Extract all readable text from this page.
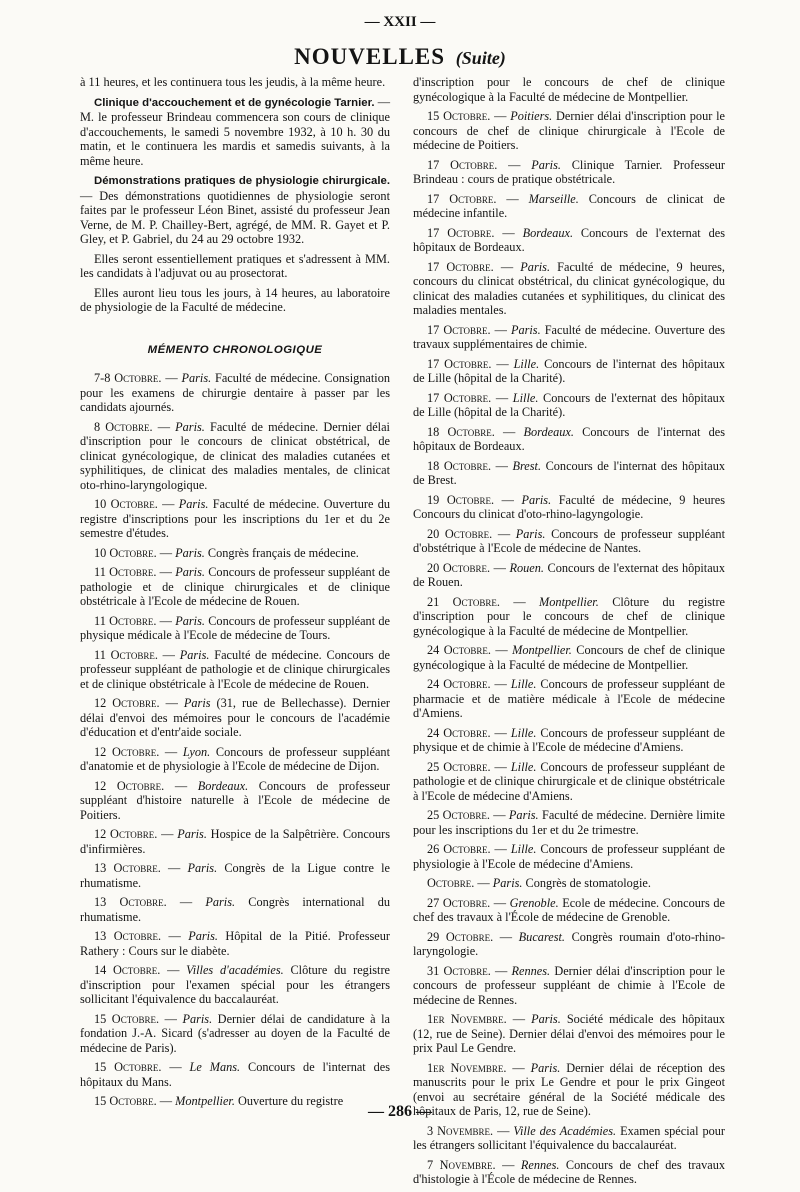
— XXII —
NOUVELLES (Suite)
à 11 heures, et les continuera tous les jeudis, à la même heure.
Clinique d'accouchement et de gynécologie Tarnier. — M. le professeur Brindeau commencera son cours de clinique d'accouchements, le samedi 5 novembre 1932, à 10 h. 30 du matin, et le continuera les mardis et samedis suivants, à la même heure.
Démonstrations pratiques de physiologie chirurgicale. — Des démonstrations quotidiennes de physiologie seront faites par le professeur Léon Binet, assisté du professeur Jean Verne, de M. P. Chailley-Bert, agrégé, de MM. R. Gayet et P. Gley, et P. Gabriel, du 24 au 29 octobre 1932.
Elles seront essentiellement pratiques et s'adressent à MM. les candidats à l'adjuvat ou au prosectorat.
Elles auront lieu tous les jours, à 14 heures, au laboratoire de physiologie de la Faculté de médecine.
MÉMENTO CHRONOLOGIQUE
7-8 Octobre. — Paris. Faculté de médecine. Consignation pour les examens de chirurgie dentaire à passer par les candidats ajournés.
8 Octobre. — Paris. Faculté de médecine. Dernier délai d'inscription pour le concours de clinicat obstétrical, de clinicat gynécologique, de clinicat des maladies cutanées et syphilitiques, de clinicat des maladies mentales, de clinicat oto-rhino-laryngologique.
10 Octobre. — Paris. Faculté de médecine. Ouverture du registre d'inscriptions pour les inscriptions du 1er et du 2e semestre d'études.
10 Octobre. — Paris. Congrès français de médecine.
11 Octobre. — Paris. Concours de professeur suppléant de pathologie et de clinique chirurgicales et de clinique obstétricale à l'Ecole de médecine de Rouen.
11 Octobre. — Paris. Concours de professeur suppléant de physique médicale à l'Ecole de médecine de Tours.
11 Octobre. — Paris. Faculté de médecine. Concours de professeur suppléant de pathologie et de clinique chirurgicales et de clinique obstétricale à l'Ecole de médecine de Rouen.
12 Octobre. — Paris (31, rue de Bellechasse). Dernier délai d'envoi des mémoires pour le concours de l'académie d'éducation et d'entr'aide sociale.
12 Octobre. — Lyon. Concours de professeur suppléant d'anatomie et de physiologie à l'Ecole de médecine de Dijon.
12 Octobre. — Bordeaux. Concours de professeur suppléant d'histoire naturelle à l'Ecole de médecine de Poitiers.
12 Octobre. — Paris. Hospice de la Salpêtrière. Concours d'infirmières.
13 Octobre. — Paris. Congrès de la Ligue contre le rhumatisme.
13 Octobre. — Paris. Congrès international du rhumatisme.
13 Octobre. — Paris. Hôpital de la Pitié. Professeur Rathery : Cours sur le diabète.
14 Octobre. — Villes d'académies. Clôture du registre d'inscription pour l'examen spécial pour les étrangers sollicitant l'équivalence du baccalauréat.
15 Octobre. — Paris. Dernier délai de candidature à la fondation J.-A. Sicard (s'adresser au doyen de la Faculté de médecine de Paris).
15 Octobre. — Le Mans. Concours de l'internat des hôpitaux du Mans.
15 Octobre. — Montpellier. Ouverture du registre
d'inscription pour le concours de chef de clinique gynécologique à la Faculté de médecine de Montpellier.
15 Octobre. — Poitiers. Dernier délai d'inscription pour le concours de chef de clinique chirurgicale à l'Ecole de médecine de Poitiers.
17 Octobre. — Paris. Clinique Tarnier. Professeur Brindeau : cours de pratique obstétricale.
17 Octobre. — Marseille. Concours de clinicat de médecine infantile.
17 Octobre. — Bordeaux. Concours de l'externat des hôpitaux de Bordeaux.
17 Octobre. — Paris. Faculté de médecine, 9 heures, concours du clinicat obstétrical, du clinicat gynécologique, du clinicat des maladies cutanées et syphilitiques, du clinicat des maladies mentales.
17 Octobre. — Paris. Faculté de médecine. Ouverture des travaux supplémentaires de chimie.
17 Octobre. — Lille. Concours de l'internat des hôpitaux de Lille (hôpital de la Charité).
17 Octobre. — Lille. Concours de l'externat des hôpitaux de Lille (hôpital de la Charité).
18 Octobre. — Bordeaux. Concours de l'internat des hôpitaux de Bordeaux.
18 Octobre. — Brest. Concours de l'internat des hôpitaux de Brest.
19 Octobre. — Paris. Faculté de médecine, 9 heures Concours du clinicat d'oto-rhino-lagyngologie.
20 Octobre. — Paris. Concours de professeur suppléant d'obstétrique à l'Ecole de médecine de Nantes.
20 Octobre. — Rouen. Concours de l'externat des hôpitaux de Rouen.
21 Octobre. — Montpellier. Clôture du registre d'inscription pour le concours de chef de clinique gynécologique à la Faculté de médecine de Montpellier.
24 Octobre. — Montpellier. Concours de chef de clinique gynécologique à la Faculté de médecine de Montpellier.
24 Octobre. — Lille. Concours de professeur suppléant de pharmacie et de matière médicale à l'Ecole de médecine d'Amiens.
24 Octobre. — Lille. Concours de professeur suppléant de physique et de chimie à l'Ecole de médecine d'Amiens.
25 Octobre. — Lille. Concours de professeur suppléant de pathologie et de clinique chirurgicale et de clinique obstétricale à l'Ecole de médecine d'Amiens.
25 Octobre. — Paris. Faculté de médecine. Dernière limite pour les inscriptions du 1er et du 2e trimestre.
26 Octobre. — Lille. Concours de professeur suppléant de physiologie à l'Ecole de médecine d'Amiens.
Octobre. — Paris. Congrès de stomatologie.
27 Octobre. — Grenoble. Ecole de médecine. Concours de chef des travaux à l'École de médecine de Grenoble.
29 Octobre. — Bucarest. Congrès roumain d'oto-rhino-laryngologie.
31 Octobre. — Rennes. Dernier délai d'inscription pour le concours de professeur suppléant de chimie à l'Ecole de médecine de Rennes.
1er Novembre. — Paris. Société médicale des hôpitaux (12, rue de Seine). Dernier délai d'envoi des mémoires pour le prix Paul Le Gendre.
1er Novembre. — Paris. Dernier délai de réception des manuscrits pour le prix Le Gendre et pour le prix Gingeot (envoi au secrétaire général de la Société médicale des hôpitaux de Paris, 12, rue de Seine).
3 Novembre. — Ville des Académies. Examen spécial pour les étrangers sollicitant l'équivalence du baccalauréat.
7 Novembre. — Rennes. Concours de chef des travaux d'histologie à l'École de médecine de Rennes.
— 286 —
